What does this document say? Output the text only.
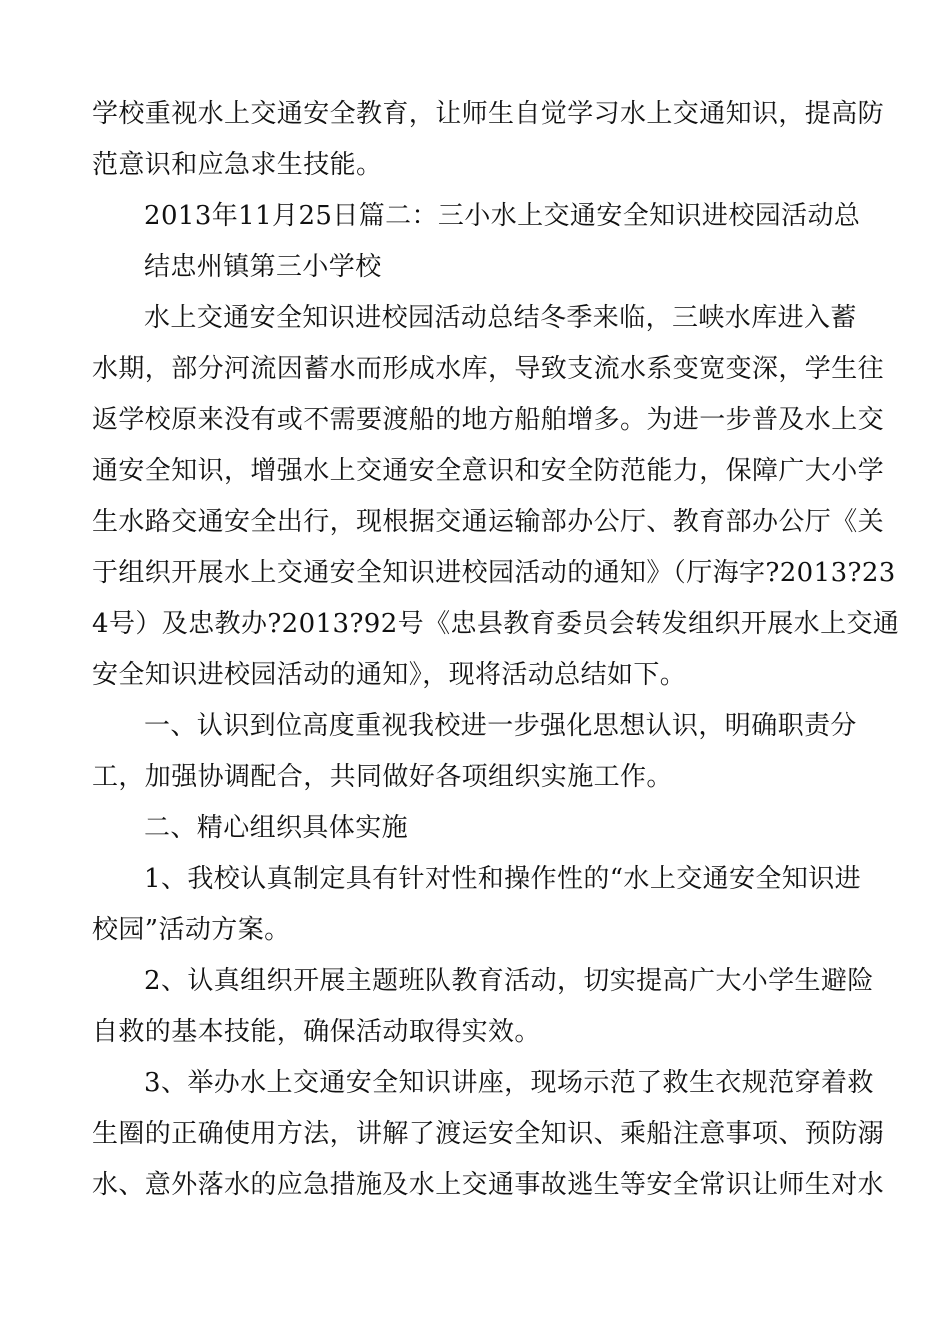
学校重视水上交通安全教育，让师生自觉学习水上交通知识，提高防
范意识和应急求生技能。
2013年11月25日篇二：三小水上交通安全知识进校园活动总
结忠州镇第三小学校
水上交通安全知识进校园活动总结冬季来临，三峡水库进入蓄
水期，部分河流因蓄水而形成水库，导致支流水系变宽变深，学生往
返学校原来没有或不需要渡船的地方船舶增多。为进一步普及水上交
通安全知识，增强水上交通安全意识和安全防范能力，保障广大小学
生水路交通安全出行，现根据交通运输部办公厅、教育部办公厅《关
于组织开展水上交通安全知识进校园活动的通知》（厅海字?2013?23
4号）及忠教办?2013?92号《忠县教育委员会转发组织开展水上交通
安全知识进校园活动的通知》，现将活动总结如下。
一、认识到位高度重视我校进一步强化思想认识，明确职责分
工，加强协调配合，共同做好各项组织实施工作。
二、精心组织具体实施
1、我校认真制定具有针对性和操作性的“水上交通安全知识进
校园”活动方案。
2、认真组织开展主题班队教育活动，切实提高广大小学生避险
自救的基本技能，确保活动取得实效。
3、举办水上交通安全知识讲座，现场示范了救生衣规范穿着救
生圈的正确使用方法，讲解了渡运安全知识、乘船注意事项、预防溺
水、意外落水的应急措施及水上交通事故逃生等安全常识让师生对水
